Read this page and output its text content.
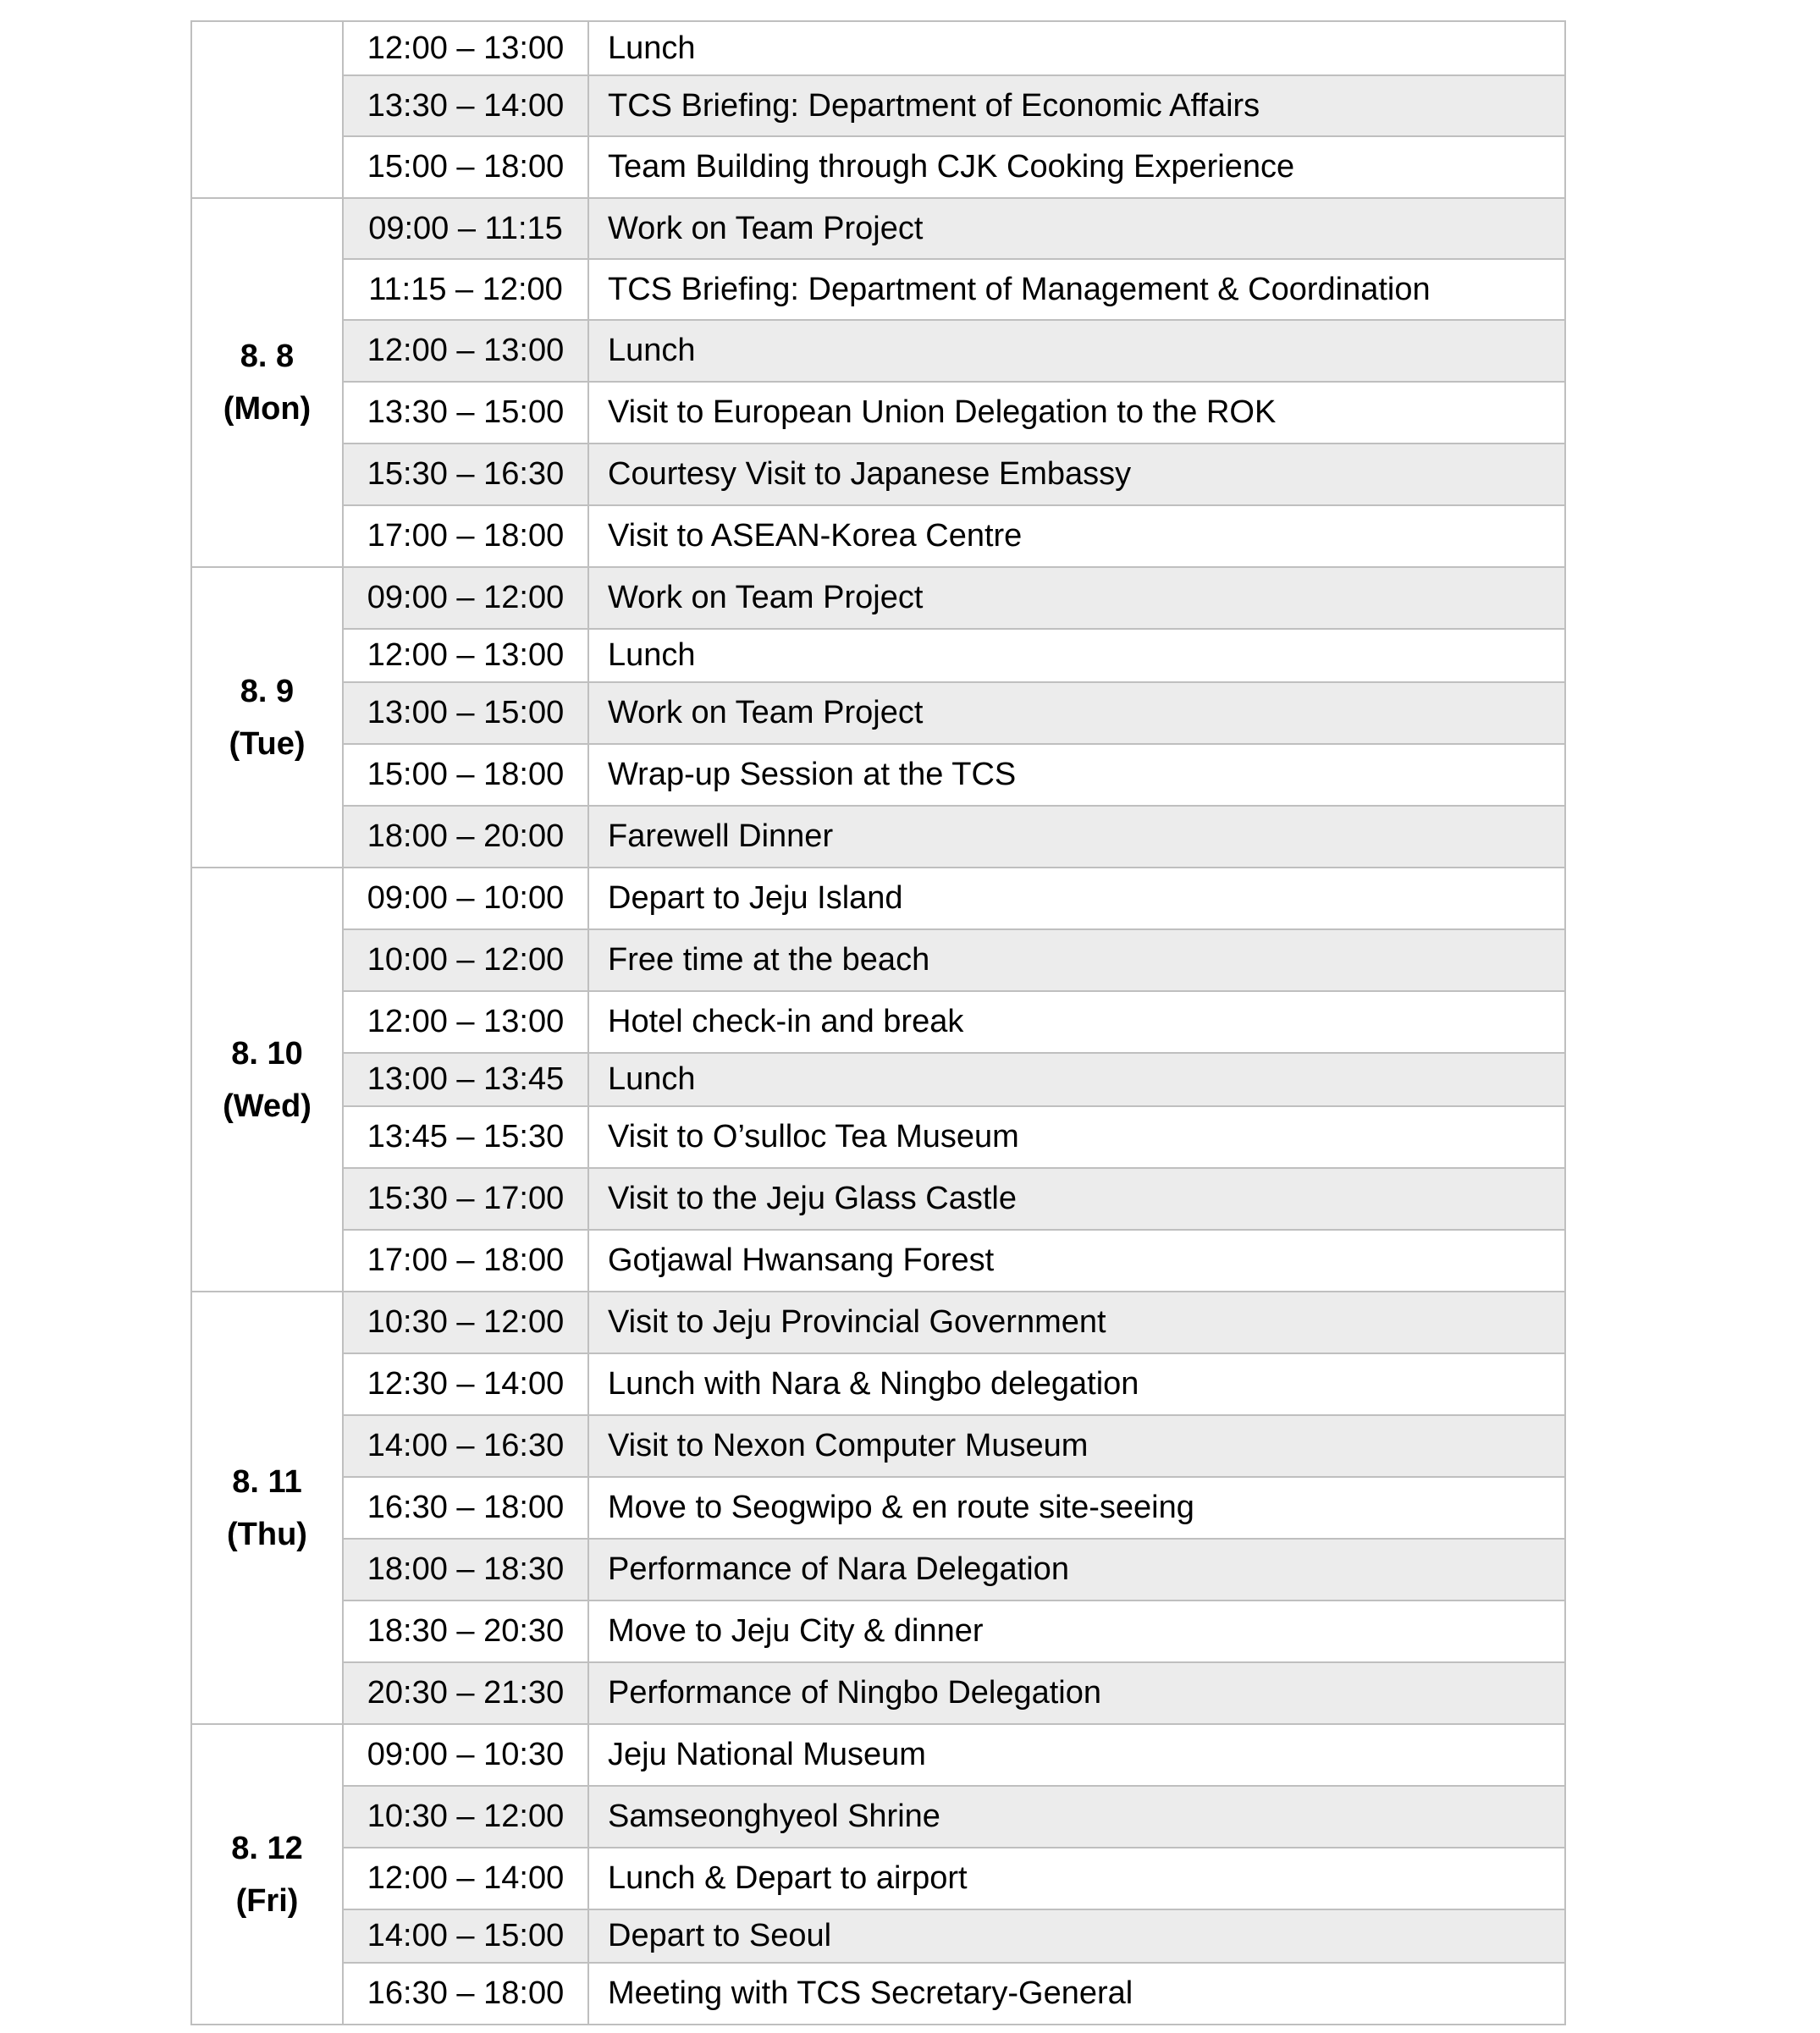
	12:00 – 13:00	Lunch
	13:30 – 14:00	TCS Briefing: Department of Economic Affairs
	15:00 – 18:00	Team Building through CJK Cooking Experience

8. 8
(Mon)	09:00 – 11:15	Work on Team Project
	11:15 – 12:00	TCS Briefing: Department of Management & Coordination
	12:00 – 13:00	Lunch
	13:30 – 15:00	Visit to European Union Delegation to the ROK
	15:30 – 16:30	Courtesy Visit to Japanese Embassy
	17:00 – 18:00	Visit to ASEAN-Korea Centre

8. 9
(Tue)	09:00 – 12:00	Work on Team Project
	12:00 – 13:00	Lunch
	13:00 – 15:00	Work on Team Project
	15:00 – 18:00	Wrap-up Session at the TCS
	18:00 – 20:00	Farewell Dinner

8. 10
(Wed)	09:00 – 10:00	Depart to Jeju Island
	10:00 – 12:00	Free time at the beach
	12:00 – 13:00	Hotel check-in and break
	13:00 – 13:45	Lunch
	13:45 – 15:30	Visit to O’sulloc Tea Museum
	15:30 – 17:00	Visit to the Jeju Glass Castle
	17:00 – 18:00	Gotjawal Hwansang Forest

8. 11
(Thu)	10:30 – 12:00	Visit to Jeju Provincial Government
	12:30 – 14:00	Lunch with Nara & Ningbo delegation
	14:00 – 16:30	Visit to Nexon Computer Museum
	16:30 – 18:00	Move to Seogwipo & en route site-seeing
	18:00 – 18:30	Performance of Nara Delegation
	18:30 – 20:30	Move to Jeju City & dinner
	20:30 – 21:30	Performance of Ningbo Delegation

8. 12
(Fri)	09:00 – 10:30	Jeju National Museum
	10:30 – 12:00	Samseonghyeol Shrine
	12:00 – 14:00	Lunch & Depart to airport
	14:00 – 15:00	Depart to Seoul
	16:30 – 18:00	Meeting with TCS Secretary-General
